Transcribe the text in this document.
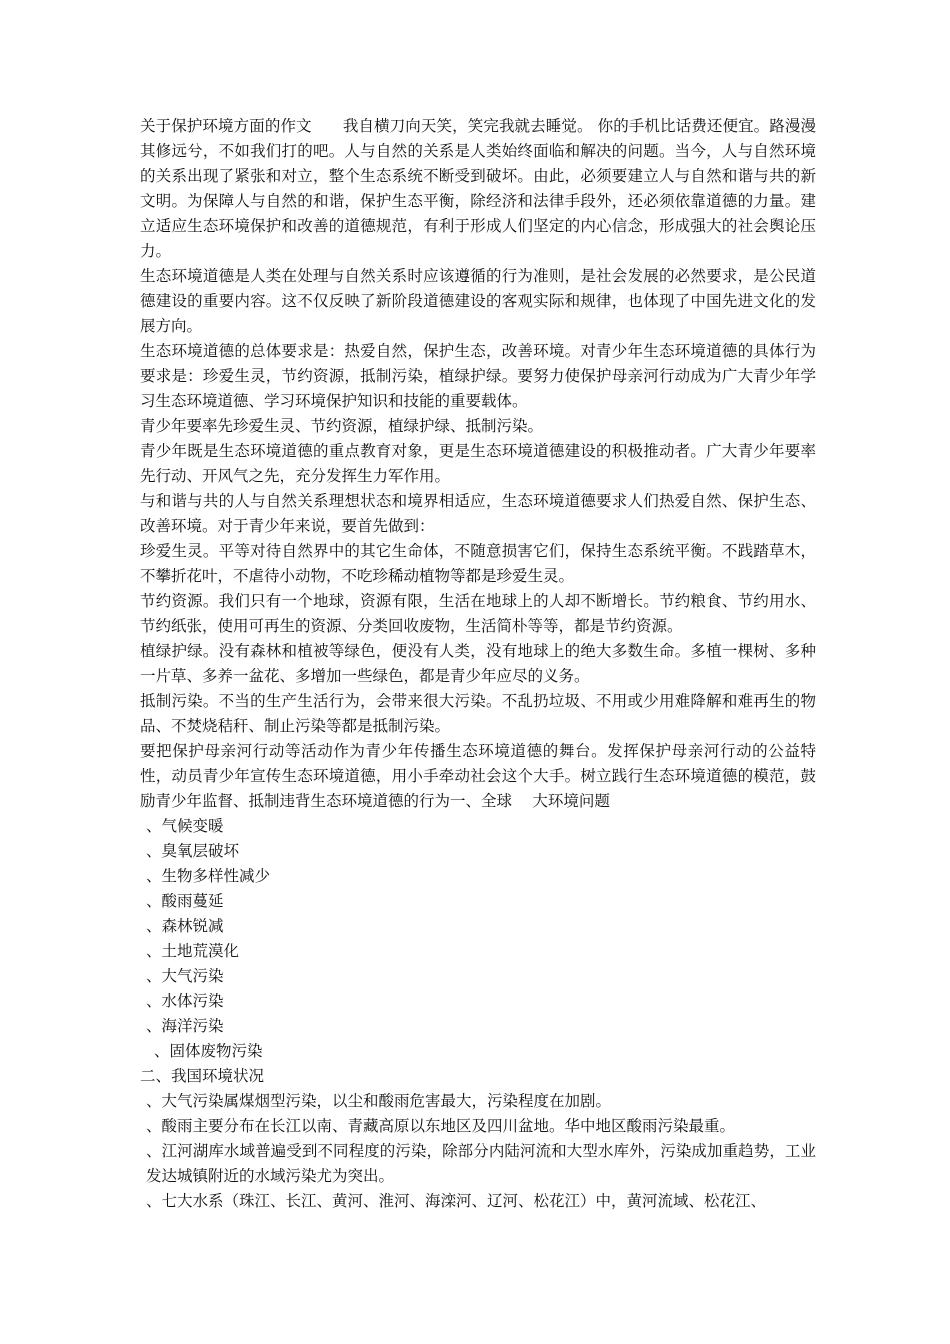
关于保护环境方面的作文　　我自横刀向天笑，笑完我就去睡觉。 你的手机比话费还便宜。路漫漫其修远兮，不如我们打的吧。人与自然的关系是人类始终面临和解决的问题。当今，人与自然环境的关系出现了紧张和对立，整个生态系统不断受到破坏。由此，必须要建立人与自然和谐与共的新文明。为保障人与自然的和谐，保护生态平衡，除经济和法律手段外，还必须依靠道德的力量。建立适应生态环境保护和改善的道德规范，有利于形成人们坚定的内心信念，形成强大的社会舆论压力。

生态环境道德是人类在处理与自然关系时应该遵循的行为准则，是社会发展的必然要求，是公民道德建设的重要内容。这不仅反映了新阶段道德建设的客观实际和规律，也体现了中国先进文化的发展方向。

生态环境道德的总体要求是：热爱自然，保护生态，改善环境。对青少年生态环境道德的具体行为要求是：珍爱生灵，节约资源，抵制污染，植绿护绿。要努力使保护母亲河行动成为广大青少年学习生态环境道德、学习环境保护知识和技能的重要载体。

青少年要率先珍爱生灵、节约资源，植绿护绿、抵制污染。

青少年既是生态环境道德的重点教育对象，更是生态环境道德建设的积极推动者。广大青少年要率先行动、开风气之先，充分发挥生力军作用。

与和谐与共的人与自然关系理想状态和境界相适应，生态环境道德要求人们热爱自然、保护生态、改善环境。对于青少年来说，要首先做到：

珍爱生灵。平等对待自然界中的其它生命体，不随意损害它们，保持生态系统平衡。不践踏草木，不攀折花叶，不虐待小动物，不吃珍稀动植物等都是珍爱生灵。

节约资源。我们只有一个地球，资源有限，生活在地球上的人却不断增长。节约粮食、节约用水、节约纸张，使用可再生的资源、分类回收废物，生活简朴等等，都是节约资源。

植绿护绿。没有森林和植被等绿色，便没有人类，没有地球上的绝大多数生命。多植一棵树、多种一片草、多养一盆花、多增加一些绿色，都是青少年应尽的义务。

抵制污染。不当的生产生活行为，会带来很大污染。不乱扔垃圾、不用或少用难降解和难再生的物品、不焚烧秸秆、制止污染等都是抵制污染。

要把保护母亲河行动等活动作为青少年传播生态环境道德的舞台。发挥保护母亲河行动的公益特性，动员青少年宣传生态环境道德，用小手牵动社会这个大手。树立践行生态环境道德的模范，鼓励青少年监督、抵制违背生态环境道德的行为一、全球　 大环境问题

、气候变暖

、臭氧层破坏

、生物多样性减少

、酸雨蔓延

、森林锐减

、土地荒漠化

、大气污染

、水体污染

、海洋污染

、固体废物污染

二、我国环境状况

、大气污染属煤烟型污染，以尘和酸雨危害最大，污染程度在加剧。

、酸雨主要分布在长江以南、青藏高原以东地区及四川盆地。华中地区酸雨污染最重。

、江河湖库水域普遍受到不同程度的污染，除部分内陆河流和大型水库外，污染成加重趋势，工业发达城镇附近的水域污染尤为突出。

、七大水系（珠江、长江、黄河、淮河、海滦河、辽河、松花江）中，黄河流域、松花江、
